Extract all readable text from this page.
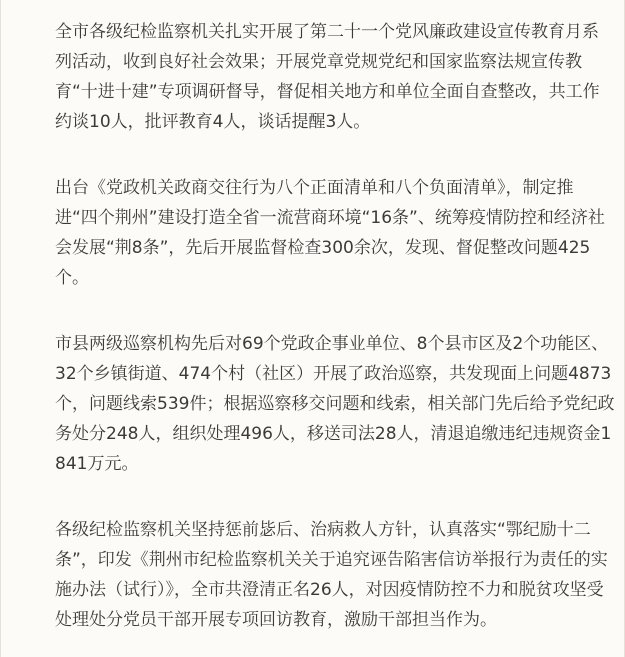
全市各级纪检监察机关扎实开展了第二十一个党风廉政建设宣传教育月系列活动，收到良好社会效果；开展党章党规党纪和国家监察法规宣传教育“十进十建”专项调研督导，督促相关地方和单位全面自查整改，共工作约谈10人，批评教育4人，谈话提醒3人。

出台《党政机关政商交往行为八个正面清单和八个负面清单》，制定推进“四个荆州”建设打造全省一流营商环境“16条”、统筹疫情防控和经济社会发展“荆8条”，先后开展监督检查300余次，发现、督促整改问题425个。

市县两级巡察机构先后对69个党政企事业单位、8个县市区及2个功能区、32个乡镇街道、474个村（社区）开展了政治巡察，共发现面上问题4873个，问题线索539件；根据巡察移交问题和线索，相关部门先后给予党纪政务处分248人，组织处理496人，移送司法28人，清退追缴违纪违规资金1841万元。

各级纪检监察机关坚持惩前毖后、治病救人方针，认真落实“鄂纪励十二条”，印发《荆州市纪检监察机关关于追究诬告陷害信访举报行为责任的实施办法（试行）》，全市共澄清正名26人，对因疫情防控不力和脱贫攻坚受处理处分党员干部开展专项回访教育，激励干部担当作为。
